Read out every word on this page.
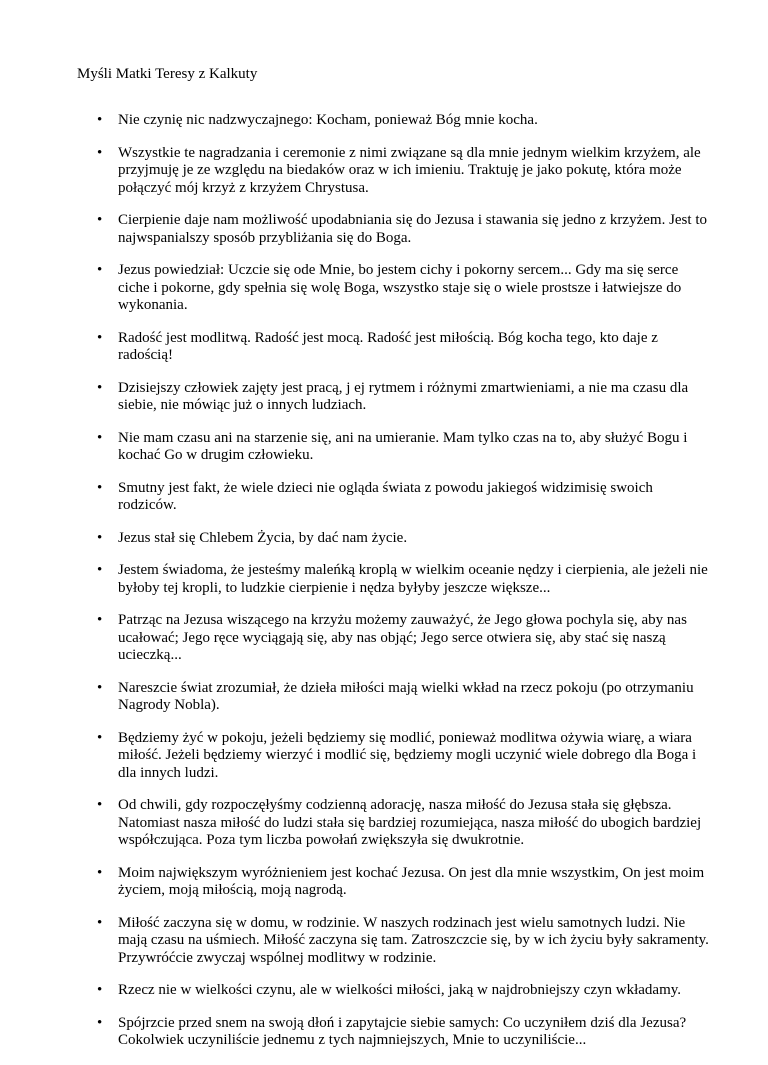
Myśli Matki Teresy z Kalkuty
• Nie czynię nic nadzwyczajnego: Kocham, ponieważ Bóg mnie kocha.
• Wszystkie te nagradzania i ceremonie z nimi związane są dla mnie jednym wielkim krzyżem, ale przyjmuję je ze względu na biedaków oraz w ich imieniu. Traktuję je jako pokutę, która może połączyć mój krzyż z krzyżem Chrystusa.
• Cierpienie daje nam możliwość upodabniania się do Jezusa i stawania się jedno z krzyżem. Jest to najwspanialszy sposób przybliżania się do Boga.
• Jezus powiedział: Uczcie się ode Mnie, bo jestem cichy i pokorny sercem... Gdy ma się serce ciche i pokorne, gdy spełnia się wolę Boga, wszystko staje się o wiele prostsze i łatwiejsze do wykonania.
• Radość jest modlitwą. Radość jest mocą. Radość jest miłością. Bóg kocha tego, kto daje z radością!
• Dzisiejszy człowiek zajęty jest pracą, j ej rytmem i różnymi zmartwieniami, a nie ma czasu dla siebie, nie mówiąc już o innych ludziach.
• Nie mam czasu ani na starzenie się, ani na umieranie. Mam tylko czas na to, aby służyć Bogu i kochać Go w drugim człowieku.
• Smutny jest fakt, że wiele dzieci nie ogląda świata z powodu jakiegoś widzimisię swoich rodziców.
• Jezus stał się Chlebem Życia, by dać nam życie.
• Jestem świadoma, że jesteśmy maleńką kroplą w wielkim oceanie nędzy i cierpienia, ale jeżeli nie byłoby tej kropli, to ludzkie cierpienie i nędza byłyby jeszcze większe...
• Patrząc na Jezusa wiszącego na krzyżu możemy zauważyć, że Jego głowa pochyla się, aby nas ucałować; Jego ręce wyciągają się, aby nas objąć; Jego serce otwiera się, aby stać się naszą ucieczką...
• Nareszcie świat zrozumiał, że dzieła miłości mają wielki wkład na rzecz pokoju (po otrzymaniu Nagrody Nobla).
• Będziemy żyć w pokoju, jeżeli będziemy się modlić, ponieważ modlitwa ożywia wiarę, a wiara miłość. Jeżeli będziemy wierzyć i modlić się, będziemy mogli uczynić wiele dobrego dla Boga i dla innych ludzi.
• Od chwili, gdy rozpoczęłyśmy codzienną adorację, nasza miłość do Jezusa stała się głębsza. Natomiast nasza miłość do ludzi stała się bardziej rozumiejąca, nasza miłość do ubogich bardziej współczująca. Poza tym liczba powołań zwiększyła się dwukrotnie.
• Moim największym wyróżnieniem jest kochać Jezusa. On jest dla mnie wszystkim, On jest moim życiem, moją miłością, moją nagrodą.
• Miłość zaczyna się w domu, w rodzinie. W naszych rodzinach jest wielu samotnych ludzi. Nie mają czasu na uśmiech. Miłość zaczyna się tam. Zatroszczcie się, by w ich życiu były sakramenty. Przywróćcie zwyczaj wspólnej modlitwy w rodzinie.
• Rzecz nie w wielkości czynu, ale w wielkości miłości, jaką w najdrobniejszy czyn wkładamy.
• Spójrzcie przed snem na swoją dłoń i zapytajcie siebie samych: Co uczyniłem dziś dla Jezusa? Cokolwiek uczyniliście jednemu z tych najmniejszych, Mnie to uczyniliście...
